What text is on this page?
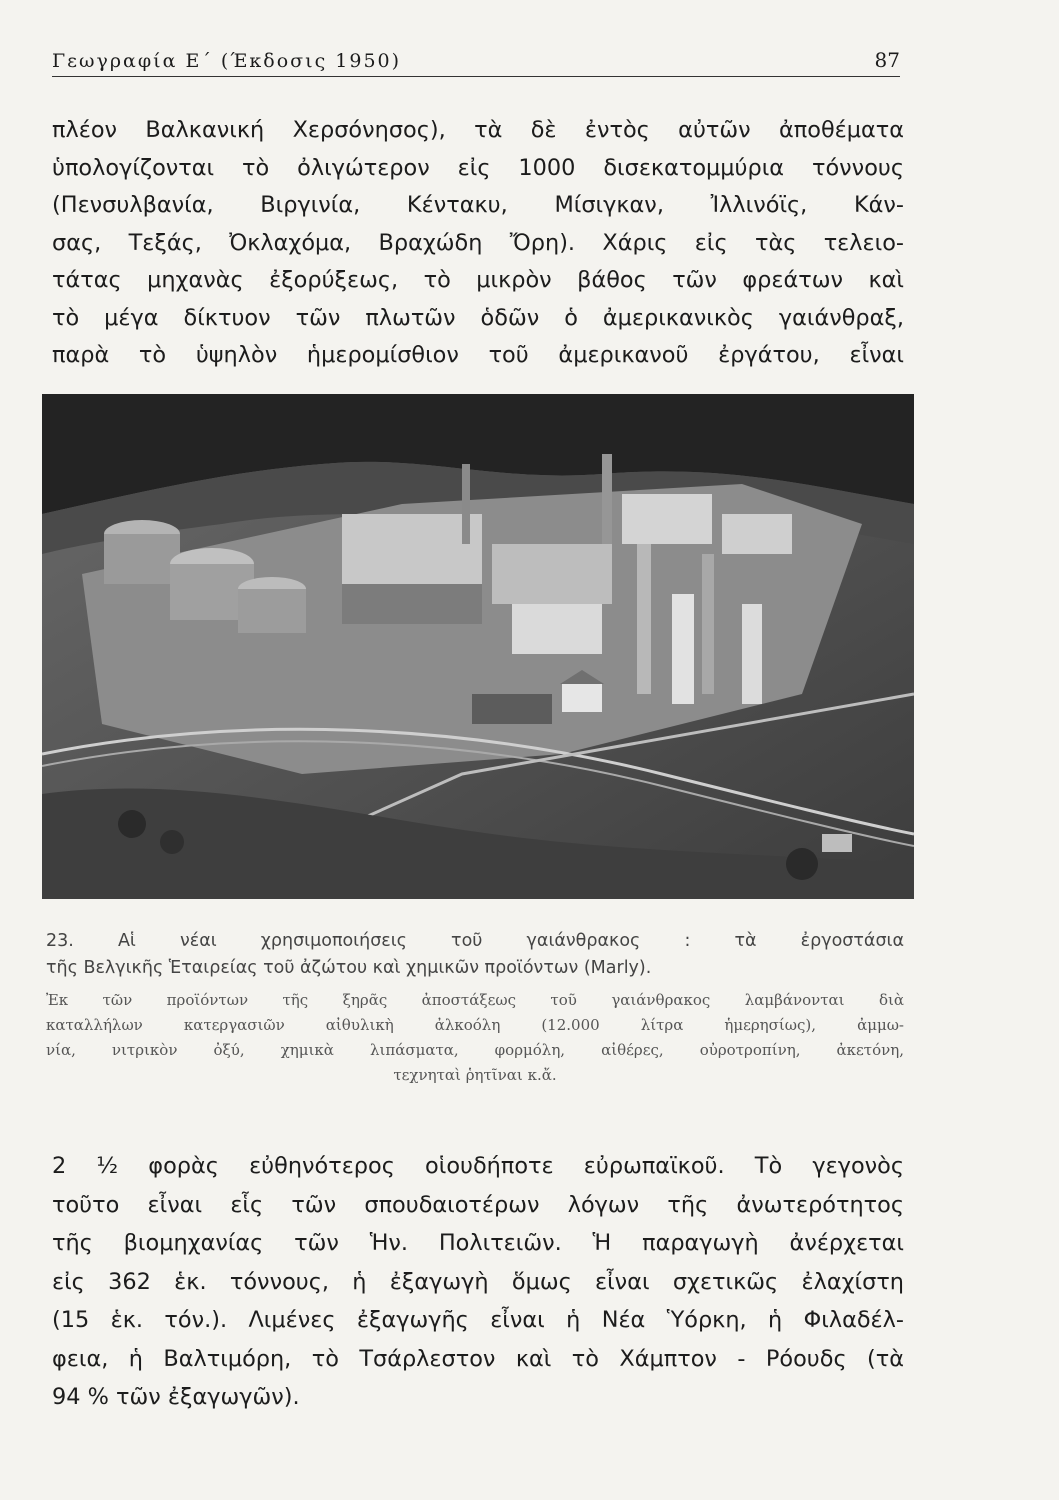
Γεωγραφία Ε΄ (Έκδοσις 1950)	87
πλέον Βαλκανική Χερσόνησος), τὰ δὲ ἐντὸς αὐτῶν ἀποθέματα
ὑπολογίζονται τὸ ὀλιγώτερον εἰς 1000 δισεκατομμύρια τόννους
(Πενσυλβανία, Βιργινία, Κέντακυ, Μίσιγκαν, Ἰλλινόϊς, Κάν-
σας, Τεξάς, Ὀκλαχόμα, Βραχώδη Ὄρη). Χάρις εἰς τὰς τελειο-
τάτας μηχανὰς ἐξορύξεως, τὸ μικρὸν βάθος τῶν φρεάτων καὶ
τὸ μέγα δίκτυον τῶν πλωτῶν ὁδῶν ὁ ἀμερικανικὸς γαιάνθραξ,
παρὰ τὸ ὑψηλὸν ἡμερομίσθιον τοῦ ἀμερικανοῦ ἐργάτου, εἶναι
23. Αἱ νέαι χρησιμοποιήσεις τοῦ γαιάνθρακος : τὰ ἐργοστάσια
τῆς Βελγικῆς Ἑταιρείας τοῦ ἀζώτου καὶ χημικῶν προϊόντων (Marly).
Ἐκ τῶν προϊόντων τῆς ξηρᾶς ἀποστάξεως τοῦ γαιάνθρακος λαμβάνονται διὰ
καταλλήλων κατεργασιῶν αἰθυλικὴ ἀλκοόλη (12.000 λίτρα ἡμερησίως), ἀμμω-
νία, νιτρικὸν ὀξύ, χημικὰ λιπάσματα, φορμόλη, αἰθέρες, οὐροτροπίνη, ἀκετόνη,
τεχνηταὶ ῥητῖναι κ.ἄ.
2 ½ φορὰς εὐθηνότερος οἱουδήποτε εὐρωπαϊκοῦ. Τὸ γεγονὸς
τοῦτο εἶναι εἷς τῶν σπουδαιοτέρων λόγων τῆς ἀνωτερότητος
τῆς βιομηχανίας τῶν Ἡν. Πολιτειῶν. Ἡ παραγωγὴ ἀνέρχεται
εἰς 362 ἑκ. τόννους, ἡ ἐξαγωγὴ ὅμως εἶναι σχετικῶς ἐλαχίστη
(15 ἑκ. τόν.). Λιμένες ἐξαγωγῆς εἶναι ἡ Νέα Ὑόρκη, ἡ Φιλαδέλ-
φεια, ἡ Βαλτιμόρη, τὸ Τσάρλεστον καὶ τὸ Χάμπτον - Ρόουδς (τὰ
94 % τῶν ἐξαγωγῶν).
